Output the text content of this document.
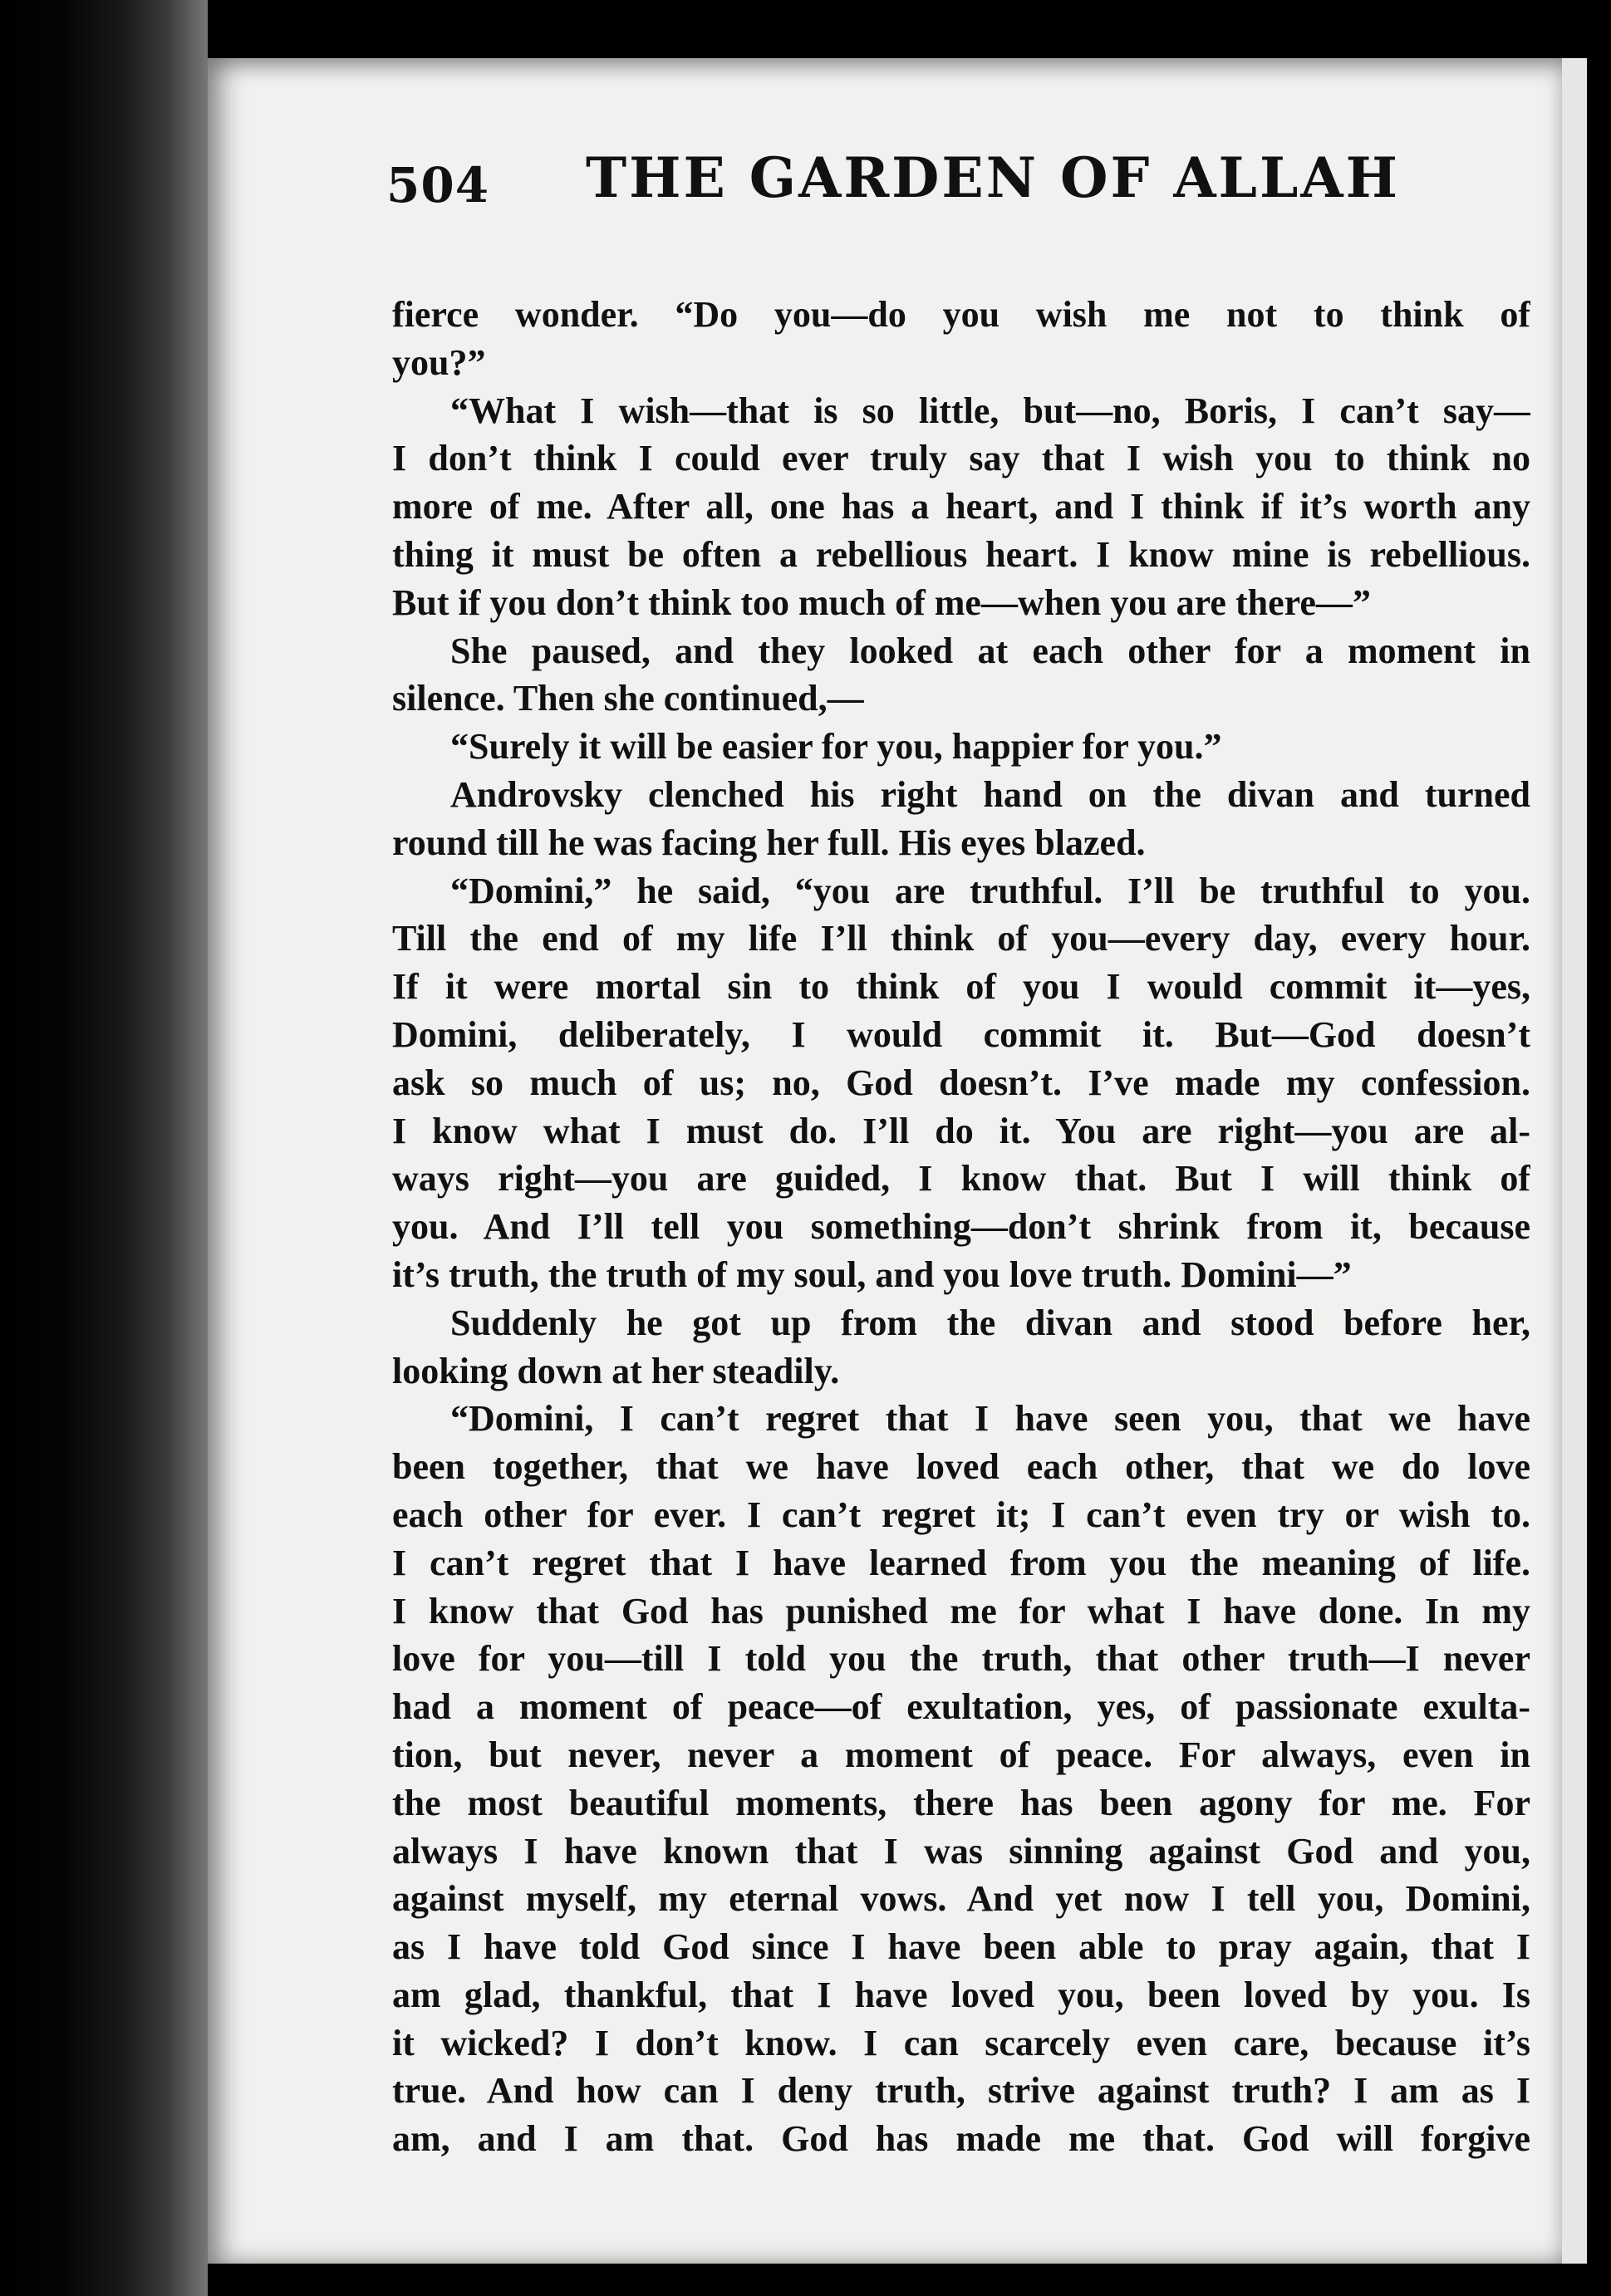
504 THE GARDEN OF ALLAH
fierce wonder. “Do you—do you wish me not to think of
you?”
“What I wish—that is so little, but—no, Boris, I can’t say—
I don’t think I could ever truly say that I wish you to think no
more of me. After all, one has a heart, and I think if it’s worth any
thing it must be often a rebellious heart. I know mine is rebellious.
But if you don’t think too much of me—when you are there—”
She paused, and they looked at each other for a moment in
silence. Then she continued,—
“Surely it will be easier for you, happier for you.”
Androvsky clenched his right hand on the divan and turned
round till he was facing her full. His eyes blazed.
“Domini,” he said, “you are truthful. I’ll be truthful to you.
Till the end of my life I’ll think of you—every day, every hour.
If it were mortal sin to think of you I would commit it—yes,
Domini, deliberately, I would commit it. But—God doesn’t
ask so much of us; no, God doesn’t. I’ve made my confession.
I know what I must do. I’ll do it. You are right—you are al-
ways right—you are guided, I know that. But I will think of
you. And I’ll tell you something—don’t shrink from it, because
it’s truth, the truth of my soul, and you love truth. Domini—”
Suddenly he got up from the divan and stood before her,
looking down at her steadily.
“Domini, I can’t regret that I have seen you, that we have
been together, that we have loved each other, that we do love
each other for ever. I can’t regret it; I can’t even try or wish to.
I can’t regret that I have learned from you the meaning of life.
I know that God has punished me for what I have done. In my
love for you—till I told you the truth, that other truth—I never
had a moment of peace—of exultation, yes, of passionate exulta-
tion, but never, never a moment of peace. For always, even in
the most beautiful moments, there has been agony for me. For
always I have known that I was sinning against God and you,
against myself, my eternal vows. And yet now I tell you, Domini,
as I have told God since I have been able to pray again, that I
am glad, thankful, that I have loved you, been loved by you. Is
it wicked? I don’t know. I can scarcely even care, because it’s
true. And how can I deny truth, strive against truth? I am as I
am, and I am that. God has made me that. God will forgive
